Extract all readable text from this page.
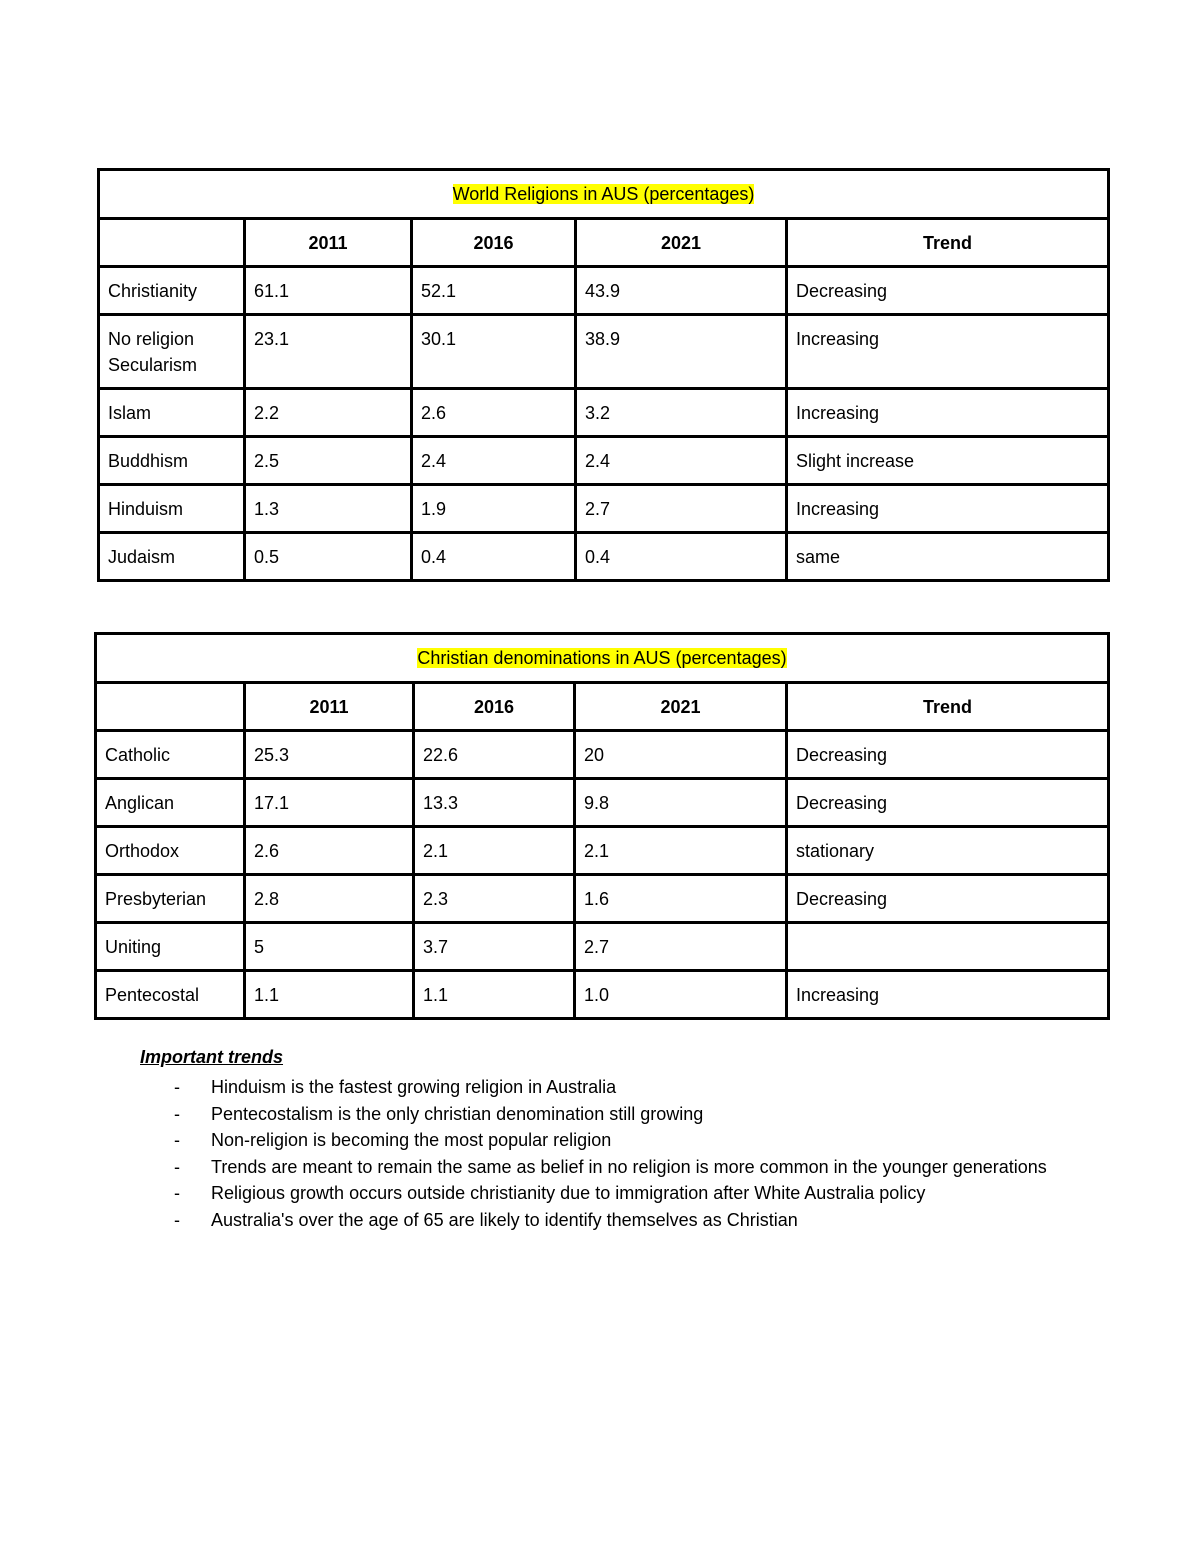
World Religions in AUS (percentages)				
	2011	2016	2021	Trend
Christianity	61.1	52.1	43.9	Decreasing
No religion
Secularism	23.1	30.1	38.9	Increasing
Islam	2.2	2.6	3.2	Increasing
Buddhism	2.5	2.4	2.4	Slight increase
Hinduism	1.3	1.9	2.7	Increasing
Judaism	0.5	0.4	0.4	same
Christian denominations in AUS (percentages)				
	2011	2016	2021	Trend
Catholic	25.3	22.6	20	Decreasing
Anglican	17.1	13.3	9.8	Decreasing
Orthodox	2.6	2.1	2.1	stationary
Presbyterian	2.8	2.3	1.6	Decreasing
Uniting	5	3.7	2.7	
Pentecostal	1.1	1.1	1.0	Increasing
Important trends
- Hinduism is the fastest growing religion in Australia
- Pentecostalism is the only christian denomination still growing
- Non-religion is becoming the most popular religion
- Trends are meant to remain the same as belief in no religion is more common in the younger generations
- Religious growth occurs outside christianity due to immigration after White Australia policy
- Australia's over the age of 65 are likely to identify themselves as Christian
